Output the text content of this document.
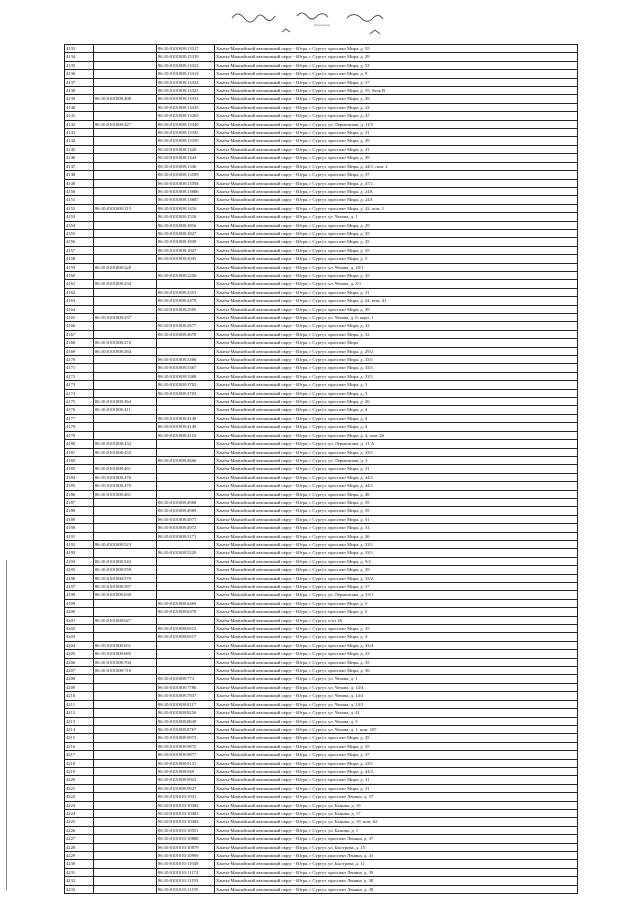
Приложение
4133		86:10:0101008:13317	Ханты-Мансийский автономный округ - Югра, г Сургут, проспект Мира, д. 55
4134		86:10:0101008:13319	Ханты-Мансийский автономный округ - Югра, г Сургут, проспект Мира, д. 29
4135		86:10:0101008:13322	Ханты-Мансийский автономный округ - Югра, г Сургут, проспект Мира, д. 53
4136		86:10:0101008:13312	Ханты-Мансийский автономный округ - Югра, г Сургут, проспект Мира, д. 9
4137		86:10:0101008:13324	Ханты-Мансийский автономный округ - Югра, г Сургут, проспект Мира, д. 37
4138		86:10:0101008:13325	Ханты-Мансийский автономный округ - Югра, г Сургут, проспект Мира, д. 55, блок В
4139	86:10:0101008:408	86:10:0101008:13331	Ханты-Мансийский автономный округ - Югра, г Сургут, проспект Мира, д. 49
4140		86:10:0101008:13335	Ханты-Мансийский автономный округ - Югра, г Сургут, проспект Мира, д. 23
4141		86:10:0101008:13263	Ханты-Мансийский автономный округ - Югра, г Сургут, проспект Мира, д. 47
4142	86:10:0101008:427	86:10:0101008:13340	Ханты-Мансийский автономный округ - Югра, г Сургут, ул. Лермонтова, д. 11/5
4143		86:10:0101008:13345	Ханты-Мансийский автономный округ - Югра, г Сургут, проспект Мира, д. 31
4144		86:10:0101008:13350	Ханты-Мансийский автономный округ - Югра, г Сургут, проспект Мира, д. 39
4145		86:10:0101008:1326	Ханты-Мансийский автономный округ - Югра, г Сургут, проспект Мира, д. 31
4146		86:10:0101008:1344	Ханты-Мансийский автономный округ - Югра, г Сургут, проспект Мира, д. 39
4147		86:10:0101008:1336	Ханты-Мансийский автономный округ - Югра, г Сургут, проспект Мира, д. 44/1, пом. 2
4148		86:10:0101008:13589	Ханты-Мансийский автономный округ - Югра, г Сургут, проспект Мира, д. 37
4149		86:10:0101008:13594	Ханты-Мансийский автономный округ - Югра, г Сургут, проспект Мира, д. 47/1
4150		86:10:0101008:13686	Ханты-Мансийский автономный округ - Югра, г Сургут, проспект Мира, д. 24А
4151		86:10:0101008:13687	Ханты-Мансийский автономный округ - Югра, г Сургут, проспект Мира, д. 24А
4152	86:10:0101008:315	86:10:0101008:1416	Ханты-Мансийский автономный округ - Югра, г Сургут, проспект Мира, д. 42, пом. 1
4153		86:10:0101008:1516	Ханты-Мансийский автономный округ - Югра, г Сургут, ул. Чехова, д. 1
4154		86:10:0101008:1816	Ханты-Мансийский автономный округ - Югра, г Сургут, проспект Мира, д. 29
4155		86:10:0101008:1827	Ханты-Мансийский автономный округ - Югра, г Сургут, проспект Мира, д. 35
4156		86:10:0101008:1839	Ханты-Мансийский автономный округ - Югра, г Сургут, проспект Мира, д. 35
4157		86:10:0101008:1847	Ханты-Мансийский автономный округ - Югра, г Сургут, проспект Мира, д. 35
4158		86:10:0101008:2045	Ханты-Мансийский автономный округ - Югра, г Сургут, проспект Мира, д. 5
4159	86:10:0101008:228		Ханты-Мансийский автономный округ - Югра, г Сургут, ул. Чехова, д. 10/1
4160		86:10:0101008:2256	Ханты-Мансийский автономный округ - Югра, г Сургут, проспект Мира, д. 35
4161	86:10:0101008:234		Ханты-Мансийский автономный округ - Югра, г Сургут, ул. Чехова, д. 3/1
4162		86:10:0101008:2351	Ханты-Мансийский автономный округ - Югра, г Сургут, проспект Мира, д. 31
4163		86:10:0101008:2479	Ханты-Мансийский автономный округ - Югра, г Сургут, проспект Мира, д. 24, пом. 41
4164		86:10:0101008:2505	Ханты-Мансийский автономный округ - Югра, г Сургут, проспект Мира, д. 39
4165	86:10:0101008:237		Ханты-Мансийский автономный округ - Югра, г Сургут, ул. Чехова, д. 6, корп. 1
4166		86:10:0101008:2677	Ханты-Мансийский автономный округ - Югра, г Сургут, проспект Мира, д. 32
4167		86:10:0101008:2678	Ханты-Мансийский автономный округ - Югра, г Сургут, проспект Мира, д. 32
4168	86:10:0101008:272		Ханты-Мансийский автономный округ - Югра, г Сургут, проспект Мира
4169	86:10:0101008:284		Ханты-Мансийский автономный округ - Югра, г Сургут, проспект Мира, д. 29/2
4170		86:10:0101008:3366	Ханты-Мансийский автономный округ - Югра, г Сургут, проспект Мира, д. 33/1
4171		86:10:0101008:3367	Ханты-Мансийский автономный округ - Югра, г Сургут, проспект Мира, д. 33/1
4172		86:10:0101008:3368	Ханты-Мансийский автономный округ - Югра, г Сургут, проспект Мира, д. 33/1
4173		86:10:0101008:3702	Ханты-Мансийский автономный округ - Югра, г Сургут, проспект Мира, д. 3
4174		86:10:0101008:3703	Ханты-Мансийский автономный округ - Югра, г Сургут, проспект Мира, д. 3
4175	86:10:0101008:364		Ханты-Мансийский автономный округ - Югра, г Сургут, проспект Мира, д. 26
4176	86:10:0101008:411		Ханты-Мансийский автономный округ - Югра, г Сургут, проспект Мира, д. 4
4177		86:10:0101008:4148	Ханты-Мансийский автономный округ - Югра, г Сургут, проспект Мира, д. 4
4178		86:10:0101008:4149	Ханты-Мансийский автономный округ - Югра, г Сургут, проспект Мира, д. 4
4179		86:10:0101008:4152	Ханты-Мансийский автономный округ - Югра, г Сургут, проспект Мира, д. 4, пом. 26
4180	86:10:0101008:432		Ханты-Мансийский автономный округ - Югра, г Сургут, ул. Лермонтова, д. 11 А
4181	86:10:0101008:433		Ханты-Мансийский автономный округ - Югра, г Сургут, проспект Мира, д. 33/1
4182		86:10:0101008:4666	Ханты-Мансийский автономный округ - Югра, г Сургут, ул. Лермонтова, д. 3
4183	86:10:0101008:461		Ханты-Мансийский автономный округ - Югра, г Сургут, проспект Мира, д. 31
4184	86:10:0101008:476		Ханты-Мансийский автономный округ - Югра, г Сургут, проспект Мира, д. 44/1
4185	86:10:0101008:479		Ханты-Мансийский автономный округ - Югра, г Сургут, проспект Мира, д. 44/1
4186	86:10:0101008:481		Ханты-Мансийский автономный округ - Югра, г Сургут, проспект Мира, д. 48
4187		86:10:0101008:4968	Ханты-Мансийский автономный округ - Югра, г Сургут, проспект Мира, д. 35
4188		86:10:0101008:4969	Ханты-Мансийский автономный округ - Югра, г Сургут, проспект Мира, д. 35
4189		86:10:0101008:4971	Ханты-Мансийский автономный округ - Югра, г Сургут, проспект Мира, д. 31
4190		86:10:0101008:4972	Ханты-Мансийский автономный округ - Югра, г Сургут, проспект Мира, д. 31
4191		86:10:0101008:5171	Ханты-Мансийский автономный округ - Югра, г Сургут, проспект Мира, д. 26
4192	86:10:0101008:523		Ханты-Мансийский автономный округ - Югра, г Сургут, проспект Мира, д. 33/1
4193		86:10:0101008:5229	Ханты-Мансийский автономный округ - Югра, г Сургут, проспект Мира, д. 33/1
4194	86:10:0101008:543		Ханты-Мансийский автономный округ - Югра, г Сургут, проспект Мира, д. 9/2
4195	86:10:0101008:559		Ханты-Мансийский автономный округ - Югра, г Сургут, проспект Мира, д. 39
4196	86:10:0101008:570		Ханты-Мансийский автономный округ - Югра, г Сургут, проспект Мира, д. 33/2
4197	86:10:0101008:587		Ханты-Мансийский автономный округ - Югра, г Сургут, проспект Мира, д. 37
4198	86:10:0101008:630		Ханты-Мансийский автономный округ - Югра, г Сургут, ул. Лермонтова, д. 13/1
4199		86:10:0101008:6469	Ханты-Мансийский автономный округ - Югра, г Сургут, проспект Мира, д. 5
4200		86:10:0101008:6470	Ханты-Мансийский автономный округ - Югра, г Сургут, проспект Мира, д. 5
4201	86:10:0101008:627		Ханты-Мансийский автономный округ - Югра, г Сургут, п-кт 26
4202		86:10:0101008:6512	Ханты-Мансийский автономный округ - Югра, г Сургут, проспект Мира, д. 35
4203		86:10:0101008:6517	Ханты-Мансийский автономный округ - Югра, г Сургут, проспект Мира, д. 3
4204	86:10:0101008:651		Ханты-Мансийский автономный округ - Югра, г Сургут, проспект Мира, д. 33/4
4205	86:10:0101008:685		Ханты-Мансийский автономный округ - Югра, г Сургут, проспект Мира, д. 23
4206	86:10:0101008:704		Ханты-Мансийский автономный округ - Югра, г Сургут, проспект Мира, д. 35
4207	86:10:0101008:719		Ханты-Мансийский автономный округ - Югра, г Сургут, проспект Мира, д. 36
4208		86:10:0101008:773	Ханты-Мансийский автономный округ - Югра, г Сургут, ул. Чехова, д. 1
4209		86:10:0101008:7786	Ханты-Мансийский автономный округ - Югра, г Сургут, ул. Чехова, д. 14/4
4210		86:10:0101008:7837	Ханты-Мансийский автономный округ - Югра, г Сургут, ул. Чехова, д. 14/4
4211		86:10:0101008:8117	Ханты-Мансийский автономный округ - Югра, г Сургут, ул. Чехова, д. 14/3
4212		86:10:0101008:8256	Ханты-Мансийский автономный округ - Югра, г Сургут, ул. Чехова, д. 41
4213		86:10:0101008:8649	Ханты-Мансийский автономный округ - Югра, г Сургут, ул. Чехова, д. 3
4214		86:10:0101008:8767	Ханты-Мансийский автономный округ - Югра, г Сургут, ул. Чехова, д. 1, пом. 107
4215		86:10:0101008:9873	Ханты-Мансийский автономный округ - Югра, г Сургут, проспект Мира, д. 35
4216		86:10:0101008:9875	Ханты-Мансийский автономный округ - Югра, г Сургут, проспект Мира, д. 35
4217		86:10:0101008:9877	Ханты-Мансийский автономный округ - Югра, г Сургут, проспект Мира, д. 37
4218		86:10:0101008:9131	Ханты-Мансийский автономный округ - Югра, г Сургут, проспект Мира, д. 23/1
4219		86:10:0101008:949	Ханты-Мансийский автономный округ - Югра, г Сургут, проспект Мира, д. 44/2
4220		86:10:0101008:9923	Ханты-Мансийский автономный округ - Югра, г Сургут, проспект Мира, д. 31
4221		86:10:0101008:9927	Ханты-Мансийский автономный округ - Югра, г Сургут, проспект Мира, д. 31
4222		86:10:0101010:1031	Ханты-Мансийский автономный округ - Югра, г Сургут, проспект Ленина, д. 37
4223		86:10:0101010:10382	Ханты-Мансийский автономный округ - Югра, г Сургут, ул. Бажова, д. 19
4224		86:10:0101010:10483	Ханты-Мансийский автономный округ - Югра, г Сургут, ул. Бажова, д. 17
4225		86:10:0101010:10484	Ханты-Мансийский автономный округ - Югра, г Сургут, ул. Бажова, д. 19, пом. 62
4226		86:10:0101010:10551	Ханты-Мансийский автономный округ - Югра, г Сургут, ул. Бажова, д. 1
4227		86:10:0101010:10886	Ханты-Мансийский автономный округ - Югра, г Сургут, проспект Ленина, д. 37
4228		86:10:0101010:10879	Ханты-Мансийский автономный округ - Югра, г Сургут, ул. Быстрова, д. 15
4229		86:10:0101010:10999	Ханты-Мансийский автономный округ - Югра, г Сургут, проспект Ленина, д. 41
4230		86:10:0101010:11049	Ханты-Мансийский автономный округ - Югра, г Сургут, ул. Быстрова, д. 11
4231		86:10:0101010:11174	Ханты-Мансийский автономный округ - Югра, г Сургут, проспект Ленина, д. 39
4232		86:10:0101010:11193	Ханты-Мансийский автономный округ - Югра, г Сургут, проспект Ленина, д. 38
4233		86:10:0101010:11195	Ханты-Мансийский автономный округ - Югра, г Сургут, проспект Ленина, д. 38
· · ·
